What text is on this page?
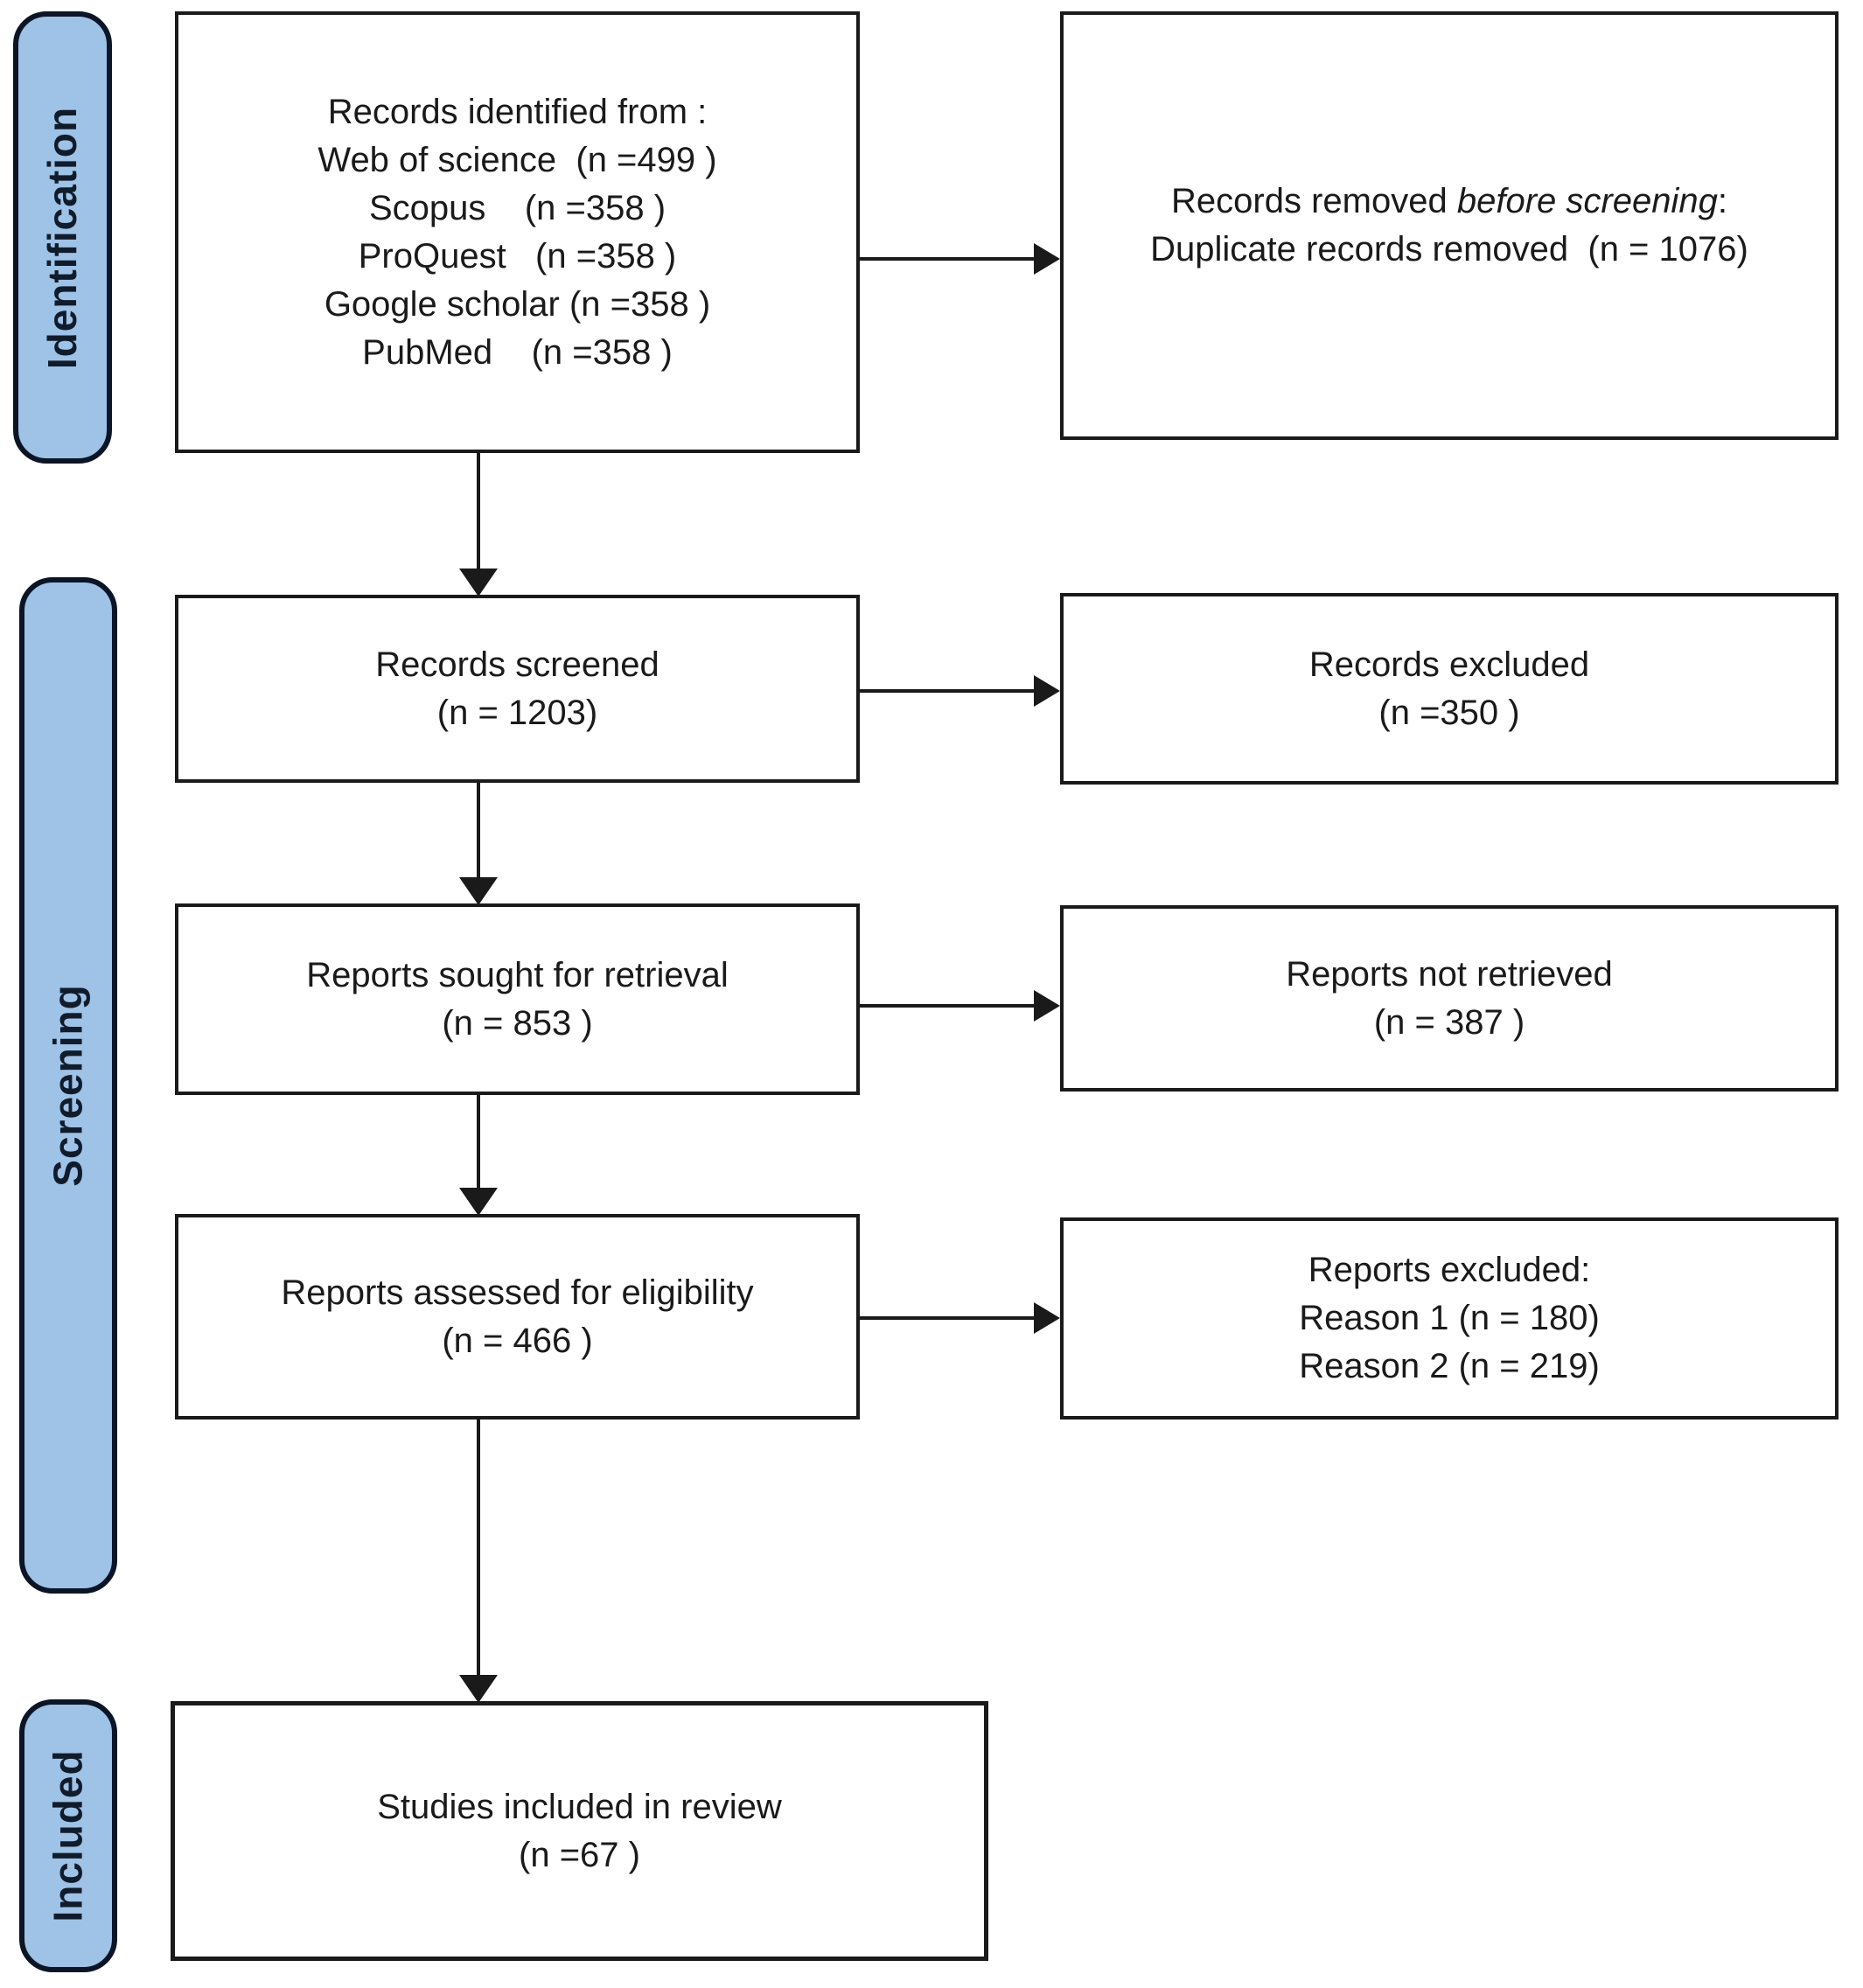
Identification
Screening
Included
Records identified from :
Web of science  (n =499 )
Scopus    (n =358 )
ProQuest   (n =358 )
Google scholar (n =358 )
PubMed    (n =358 )
Records removed before screening:
Duplicate records removed  (n = 1076)
Records screened
(n = 1203)
Records excluded
(n =350 )
Reports sought for retrieval
(n = 853 )
Reports not retrieved
(n = 387 )
Reports assessed for eligibility
(n = 466 )
Reports excluded:
Reason 1 (n = 180)
Reason 2 (n = 219)
Studies included in review
(n =67 )
